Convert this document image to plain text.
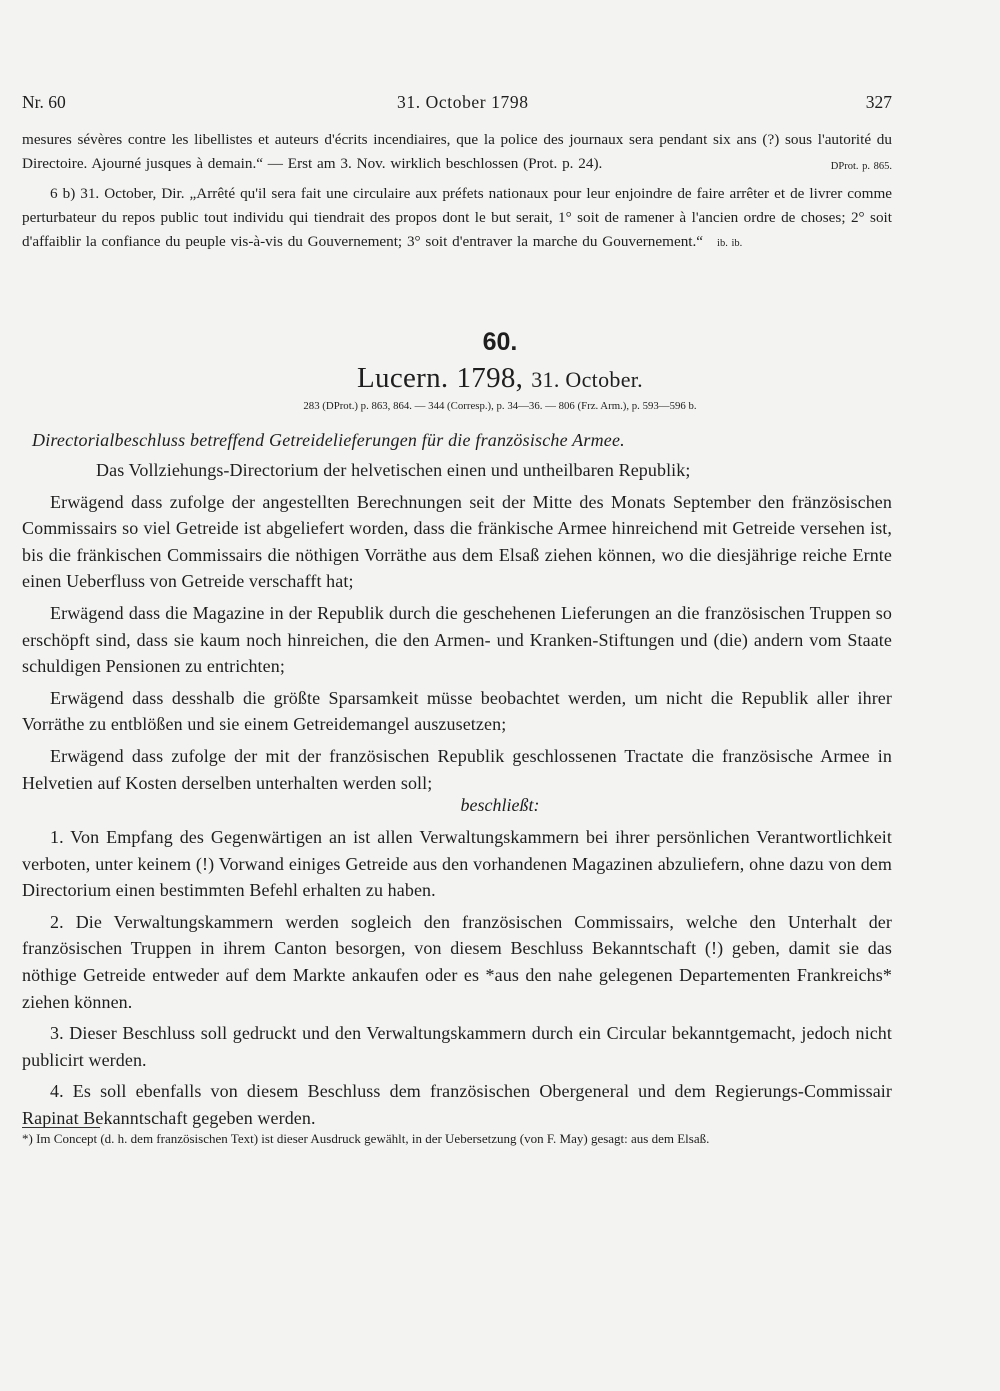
Nr. 60	31. October 1798	327

mesures sévères contre les libellistes et auteurs d'écrits incendiaires, que la police des journaux sera pendant six ans (?) sous l'autorité du Directoire. Ajourné jusques à demain.“ — Erst am 3. Nov. wirklich beschlossen (Prot. p. 24).	DProt. p. 865.

6 b) 31. October, Dir. „Arrêté qu'il sera fait une circulaire aux préfets nationaux pour leur enjoindre de faire arrêter et de livrer comme perturbateur du repos public tout individu qui tiendrait des propos dont le but serait, 1° soit de ramener à l'ancien ordre de choses; 2° soit d'affaiblir la confiance du peuple vis-à-vis du Gouvernement; 3° soit d'entraver la marche du Gouvernement.“ ib. ib.

60.
Lucern. 1798, 31. October.
283 (DProt.) p. 863, 864. — 344 (Corresp.), p. 34—36. — 806 (Frz. Arm.), p. 593—596 b.
Directorialbeschluss betreffend Getreidelieferungen für die französische Armee.

Das Vollziehungs-Directorium der helvetischen einen und untheilbaren Republik;

Erwägend dass zufolge der angestellten Berechnungen seit der Mitte des Monats September den fränzösischen Commissairs so viel Getreide ist abgeliefert worden, dass die fränkische Armee hinreichend mit Getreide versehen ist, bis die fränkischen Commissairs die nöthigen Vorräthe aus dem Elsaß ziehen können, wo die diesjährige reiche Ernte einen Ueberfluss von Getreide verschafft hat;

Erwägend dass die Magazine in der Republik durch die geschehenen Lieferungen an die französischen Truppen so erschöpft sind, dass sie kaum noch hinreichen, die den Armen- und Kranken-Stiftungen und (die) andern vom Staate schuldigen Pensionen zu entrichten;

Erwägend dass desshalb die größte Sparsamkeit müsse beobachtet werden, um nicht die Republik aller ihrer Vorräthe zu entblößen und sie einem Getreidemangel auszusetzen;

Erwägend dass zufolge der mit der französischen Republik geschlossenen Tractate die französische Armee in Helvetien auf Kosten derselben unterhalten werden soll;

beschließt:

1. Von Empfang des Gegenwärtigen an ist allen Verwaltungskammern bei ihrer persönlichen Verantwortlichkeit verboten, unter keinem (!) Vorwand einiges Getreide aus den vorhandenen Magazinen abzuliefern, ohne dazu von dem Directorium einen bestimmten Befehl erhalten zu haben.

2. Die Verwaltungskammern werden sogleich den französischen Commissairs, welche den Unterhalt der französischen Truppen in ihrem Canton besorgen, von diesem Beschluss Bekanntschaft (!) geben, damit sie das nöthige Getreide entweder auf dem Markte ankaufen oder es *aus den nahe gelegenen Departementen Frankreichs* ziehen können.

3. Dieser Beschluss soll gedruckt und den Verwaltungskammern durch ein Circular bekanntgemacht, jedoch nicht publicirt werden.

4. Es soll ebenfalls von diesem Beschluss dem französischen Obergeneral und dem Regierungs-Commissair Rapinat Bekanntschaft gegeben werden.

*) Im Concept (d. h. dem französischen Text) ist dieser Ausdruck gewählt, in der Uebersetzung (von F. May) gesagt: aus dem Elsaß.
